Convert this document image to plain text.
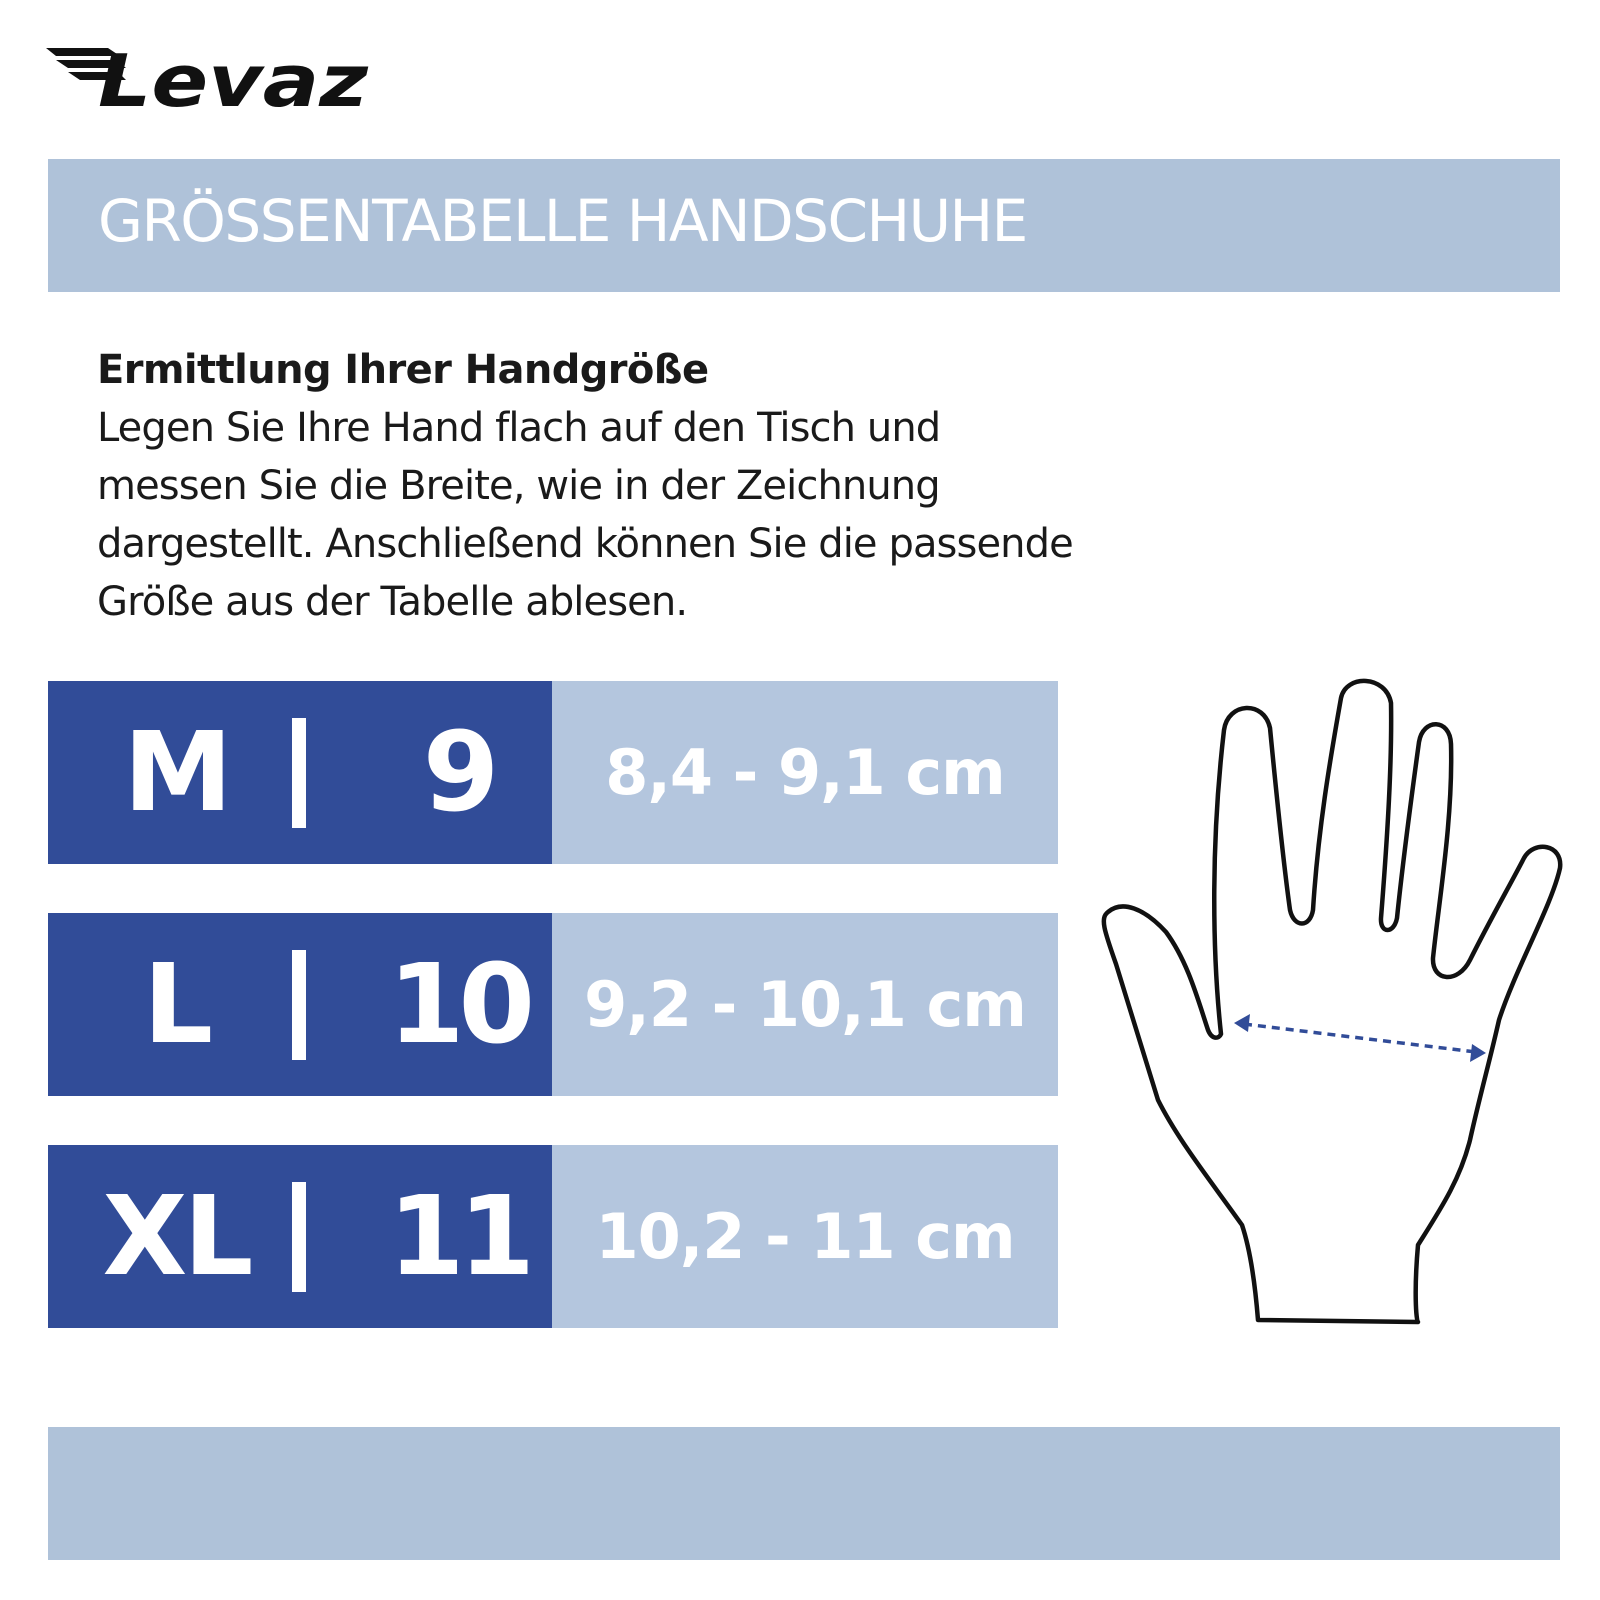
Levaz
GRÖSSENTABELLE HANDSCHUHE
Ermittlung Ihrer Handgröße

Legen Sie Ihre Hand flach auf den Tisch und messen Sie die Breite, wie in der Zeichnung dargestellt. Anschließend können Sie die passende Größe aus der Tabelle ablesen.

M	9	8,4 - 9,1 cm
L	10 9,2 - 10,1 cm
XL	11 10,2 - 11 cm
